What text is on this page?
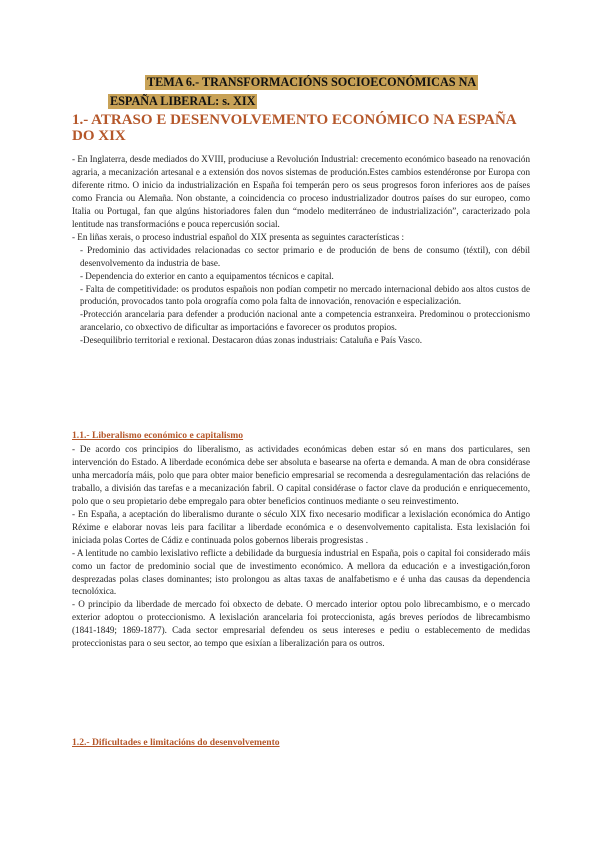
TEMA 6.- TRANSFORMACIÓNS SOCIOECONÓMICAS NA
ESPAÑA LIBERAL: s. XIX
1.- ATRASO E DESENVOLVEMENTO ECONÓMICO NA ESPAÑA DO XIX

- En Inglaterra, desde mediados do XVIII, produciuse a Revolución Industrial: crecemento económico baseado na renovación agraria, a mecanización artesanal e a extensión dos novos sistemas de produción.Estes cambios estendéronse por Europa con diferente ritmo. O inicio da industrialización en España foi temperán pero os seus progresos foron inferiores aos de países como Francia ou Alemaña. Non obstante, a coincidencia co proceso industrializador doutros países do sur europeo, como Italia ou Portugal, fan que algúns historiadores falen dun “modelo mediterráneo de industrialización”, caracterizado pola lentitude nas transformacións e pouca repercusión social.

- En liñas xerais, o proceso industrial español do XIX presenta as seguintes características :

- Predominio das actividades relacionadas co sector primario e de produción de bens de consumo (téxtil), con débil desenvolvemento da industria de base.

- Dependencia do exterior en canto a equipamentos técnicos e capital.

- Falta de competitividade: os produtos españois non podían competir no mercado internacional debido aos altos custos de produción, provocados tanto pola orografía como pola falta de innovación, renovación e especialización.

-Protección arancelaria para defender a produción nacional ante a competencia estranxeira. Predominou o proteccionismo arancelario, co obxectivo de dificultar as importacións e favorecer os produtos propios.

-Desequilibrio territorial e rexional. Destacaron dúas zonas industriais: Cataluña e País Vasco.

1.1.- Liberalismo económico e capitalismo

- De acordo cos principios do liberalismo, as actividades económicas deben estar só en mans dos particulares, sen intervención do Estado. A liberdade económica debe ser absoluta e basearse na oferta e demanda. A man de obra considérase unha mercadoría máis, polo que para obter maior beneficio empresarial se recomenda a desregulamentación das relacións de traballo, a división das tarefas e a mecanización fabril. O capital considérase o factor clave da produción e enriquecemento, polo que o seu propietario debe empregalo para obter beneficios continuos mediante o seu reinvestimento.

- En España, a aceptación do liberalismo durante o século XIX fixo necesario modificar a lexislación económica do Antigo Réxime e elaborar novas leis para facilitar a liberdade económica e o desenvolvemento capitalista. Esta lexislación foi iniciada polas Cortes de Cádiz e continuada polos gobernos liberais progresistas .

- A lentitude no cambio lexislativo reflicte a debilidade da burguesía industrial en España, pois o capital foi considerado máis como un factor de predominio social que de investimento económico. A mellora da educación e a investigación,foron desprezadas polas clases dominantes; isto prolongou as altas taxas de analfabetismo e é unha das causas da dependencia tecnolóxica.

- O principio da liberdade de mercado foi obxecto de debate. O mercado interior optou polo librecambismo, e o mercado exterior adoptou o proteccionismo. A lexislación arancelaria foi proteccionista, agás breves períodos de librecambismo (1841-1849; 1869-1877). Cada sector empresarial defendeu os seus intereses e pediu o establecemento de medidas proteccionistas para o seu sector, ao tempo que esixían a liberalización para os outros.

1.2.- Dificultades e limitacións do desenvolvemento
